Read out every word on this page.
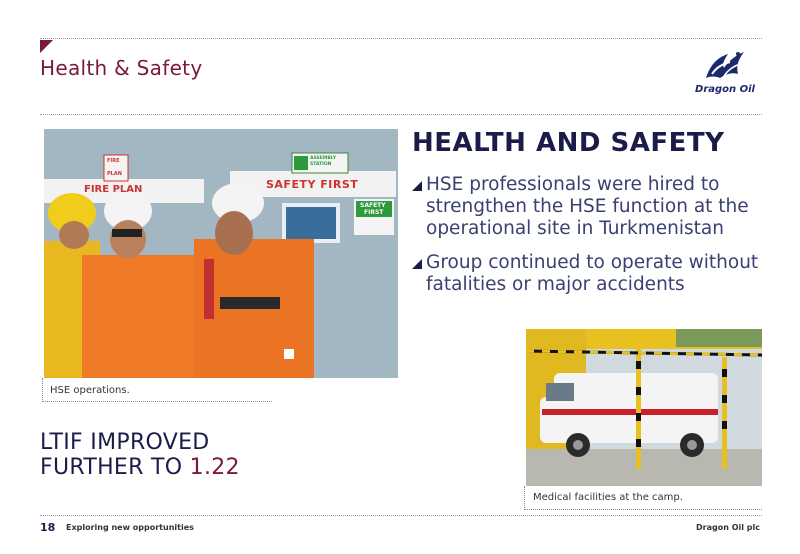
Health & Safety
Dragon Oil
FIRE PLAN	SAFETY FIRST
FIRE
PLAN
SAFETY
FIRST
ASSEMBLY STATION
HSE operations.
HEALTH AND SAFETY
HSE professionals were hired to strengthen the HSE function at the operational site in Turkmenistan
Group continued to operate without fatalities or major accidents
Medical facilities at the camp.
LTIF IMPROVED
FURTHER TO 1.22
18 Exploring new opportunities	Dragon Oil plc
